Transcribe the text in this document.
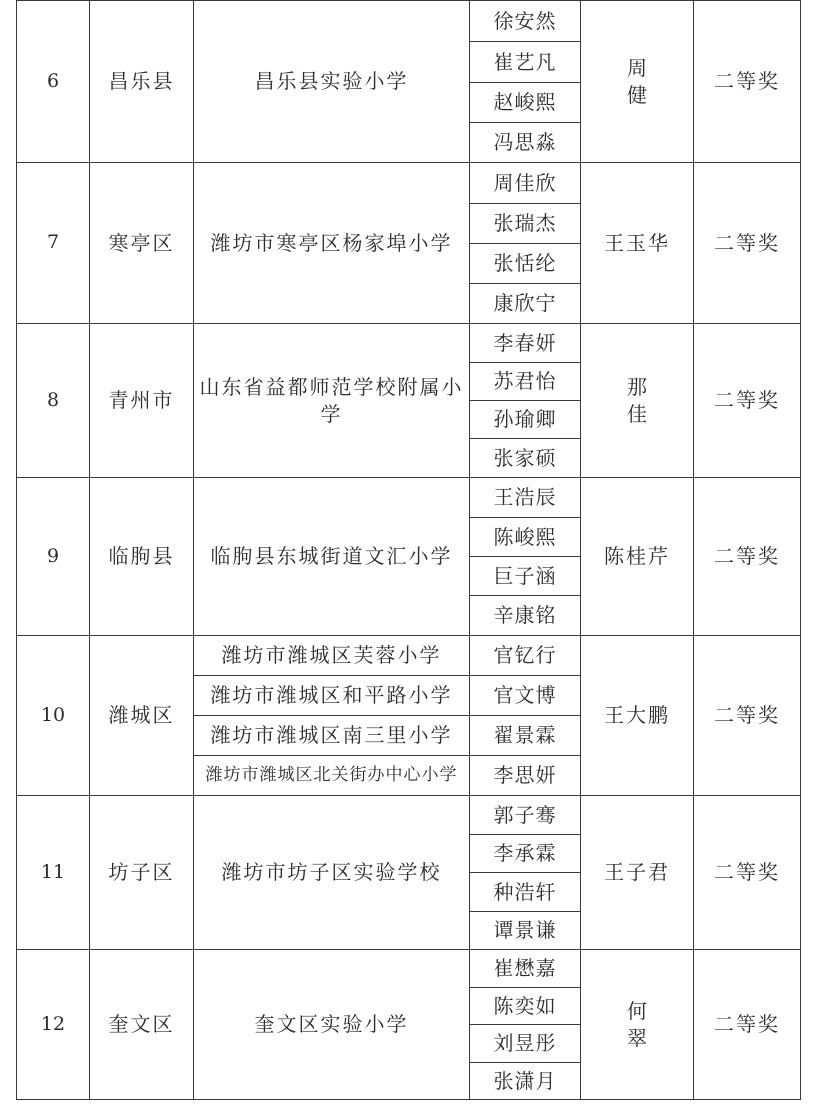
6	昌乐县	昌乐县实验小学	徐安然	周健	二等奖
			崔艺凡		
			赵峻熙		
			冯思淼		
7	寒亭区	潍坊市寒亭区杨家埠小学	周佳欣	王玉华	二等奖
			张瑞杰		
			张恬纶		
			康欣宁		
8	青州市	山东省益都师范学校附属小学	李春妍	那佳	二等奖
			苏君怡		
			孙瑜卿		
			张家硕		
9	临朐县	临朐县东城街道文汇小学	王浩辰	陈桂芹	二等奖
			陈峻熙		
			巨子涵		
			辛康铭		
10	潍城区	潍坊市潍城区芙蓉小学	官钇行	王大鹏	二等奖
		潍坊市潍城区和平路小学	官文博		
		潍坊市潍城区南三里小学	翟景霖		
		潍坊市潍城区北关街办中心小学	李思妍		
11	坊子区	潍坊市坊子区实验学校	郭子骞	王子君	二等奖
			李承霖		
			种浩轩		
			谭景谦		
12	奎文区	奎文区实验小学	崔懋嘉	何翠	二等奖
			陈奕如		
			刘昱彤		
			张潇月		
